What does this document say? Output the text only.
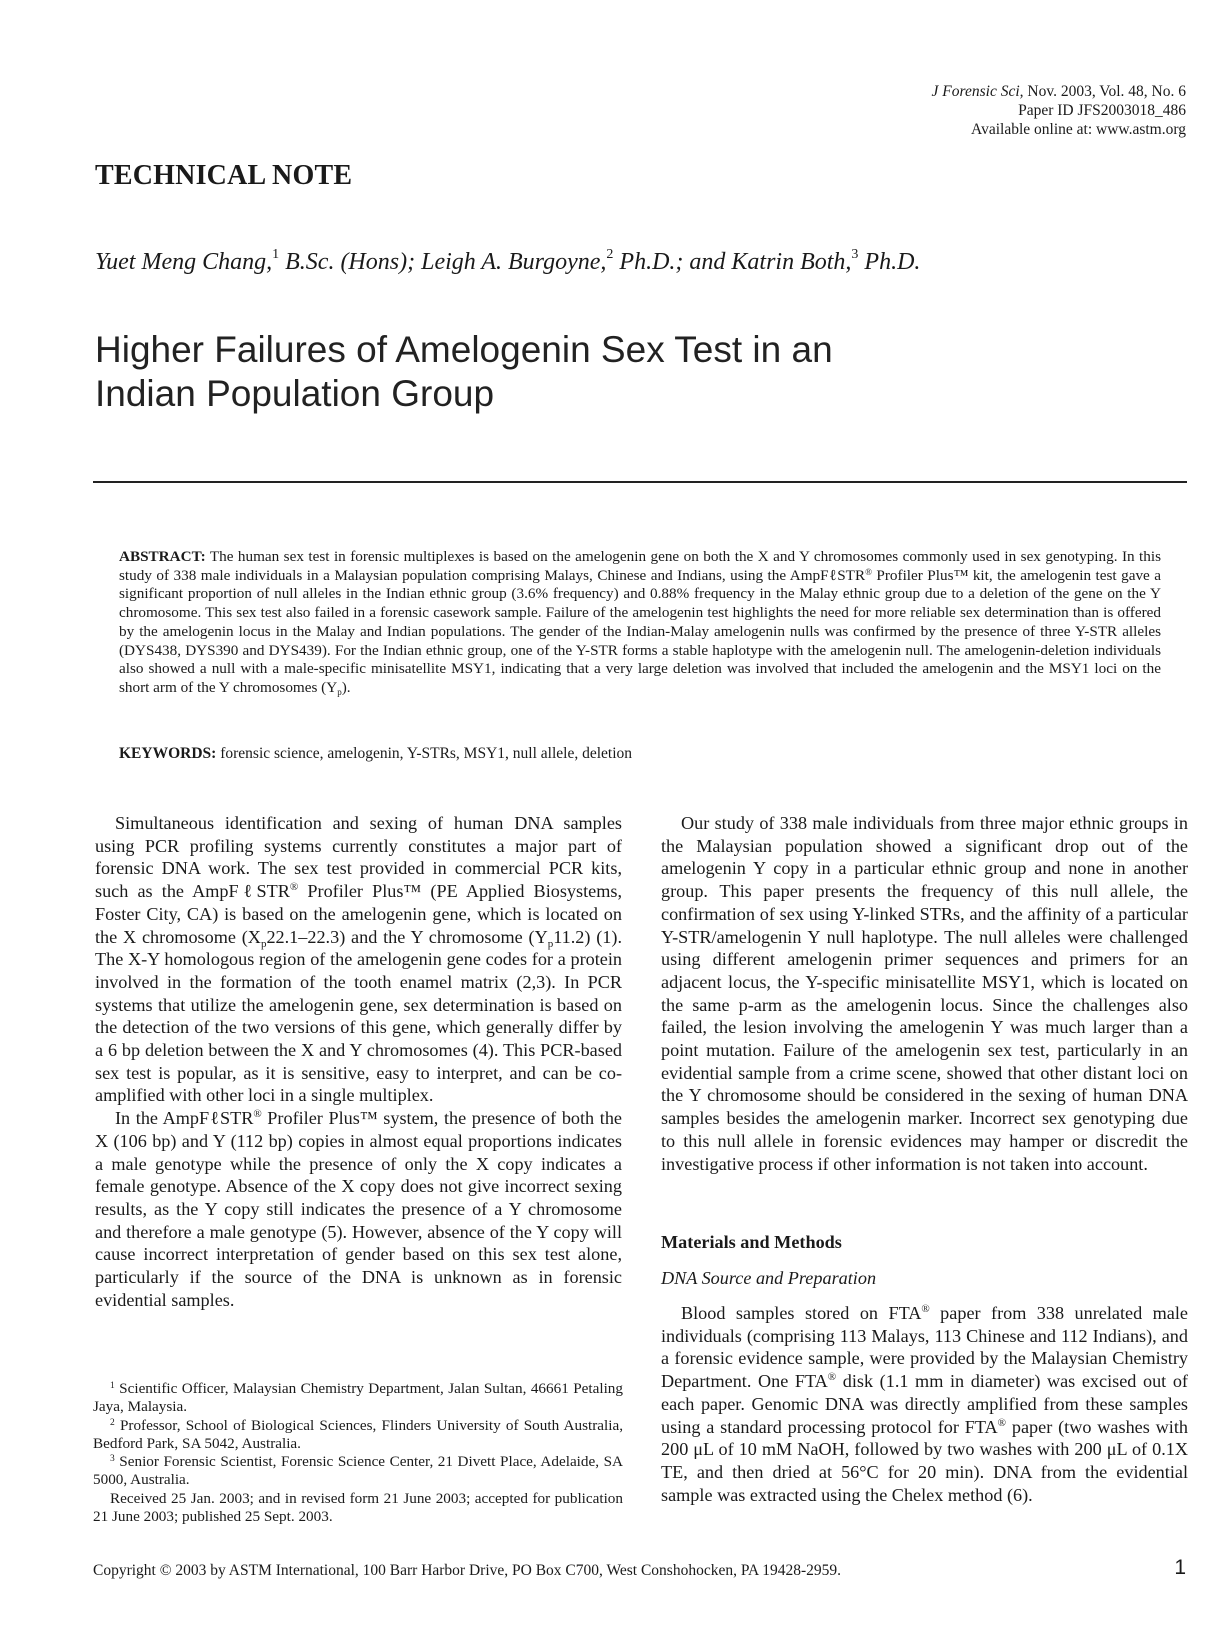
J Forensic Sci, Nov. 2003, Vol. 48, No. 6
Paper ID JFS2003018_486
Available online at: www.astm.org
TECHNICAL NOTE
Yuet Meng Chang,$^1$ B.Sc. (Hons); Leigh A. Burgoyne,$^2$ Ph.D.; and Katrin Both,$^3$ Ph.D.
Higher Failures of Amelogenin Sex Test in an
Indian Population Group
ABSTRACT: The human sex test in forensic multiplexes is based on the amelogenin gene on both the X and Y chromosomes commonly used in sex genotyping. In this study of 338 male individuals in a Malaysian population comprising Malays, Chinese and Indians, using the AmpFℓSTR® Profiler Plus™ kit, the amelogenin test gave a significant proportion of null alleles in the Indian ethnic group (3.6% frequency) and 0.88% frequency in the Malay ethnic group due to a deletion of the gene on the Y chromosome. This sex test also failed in a forensic casework sample. Failure of the amelogenin test highlights the need for more reliable sex determination than is offered by the amelogenin locus in the Malay and Indian populations. The gender of the Indian-Malay amelogenin nulls was confirmed by the presence of three Y-STR alleles (DYS438, DYS390 and DYS439). For the Indian ethnic group, one of the Y-STR forms a stable haplotype with the amelogenin null. The amelogenin-deletion individuals also showed a null with a male-specific minisatellite MSY1, indicating that a very large deletion was involved that included the amelogenin and the MSY1 loci on the short arm of the Y chromosomes $(Y_p)$.
KEYWORDS: forensic science, amelogenin, Y-STRs, MSY1, null allele, deletion

Simultaneous identification and sexing of human DNA samples using PCR profiling systems currently constitutes a major part of forensic DNA work. The sex test provided in commercial PCR kits, such as the AmpFℓSTR® Profiler Plus™ (PE Applied Biosystems, Foster City, CA) is based on the amelogenin gene, which is located on the X chromosome $(X_p22.1-22.3)$ and the Y chromosome $(Y_p11.2)$ (1). The X-Y homologous region of the amelogenin gene codes for a protein involved in the formation of the tooth enamel matrix (2,3). In PCR systems that utilize the amelogenin gene, sex determination is based on the detection of the two versions of this gene, which generally differ by a 6 bp deletion between the X and Y chromosomes (4). This PCR-based sex test is popular, as it is sensitive, easy to interpret, and can be co-amplified with other loci in a single multiplex.

In the AmpFℓSTR® Profiler Plus™ system, the presence of both the X (106 bp) and Y (112 bp) copies in almost equal proportions indicates a male genotype while the presence of only the X copy indicates a female genotype. Absence of the X copy does not give incorrect sexing results, as the Y copy still indicates the presence of a Y chromosome and therefore a male genotype (5). However, absence of the Y copy will cause incorrect interpretation of gender based on this sex test alone, particularly if the source of the DNA is unknown as in forensic evidential samples.

$^1$ Scientific Officer, Malaysian Chemistry Department, Jalan Sultan, 46661 Petaling Jaya, Malaysia.

$^2$ Professor, School of Biological Sciences, Flinders University of South Australia, Bedford Park, SA 5042, Australia.

$^3$ Senior Forensic Scientist, Forensic Science Center, 21 Divett Place, Adelaide, SA 5000, Australia.

Received 25 Jan. 2003; and in revised form 21 June 2003; accepted for publication 21 June 2003; published 25 Sept. 2003.

Our study of 338 male individuals from three major ethnic groups in the Malaysian population showed a significant drop out of the amelogenin Y copy in a particular ethnic group and none in another group. This paper presents the frequency of this null allele, the confirmation of sex using Y-linked STRs, and the affinity of a particular Y-STR/amelogenin Y null haplotype. The null alleles were challenged using different amelogenin primer sequences and primers for an adjacent locus, the Y-specific minisatellite MSY1, which is located on the same p-arm as the amelogenin locus. Since the challenges also failed, the lesion involving the amelogenin Y was much larger than a point mutation. Failure of the amelogenin sex test, particularly in an evidential sample from a crime scene, showed that other distant loci on the Y chromosome should be considered in the sexing of human DNA samples besides the amelogenin marker. Incorrect sex genotyping due to this null allele in forensic evidences may hamper or discredit the investigative process if other information is not taken into account.

Materials and Methods
DNA Source and Preparation

Blood samples stored on FTA® paper from 338 unrelated male individuals (comprising 113 Malays, 113 Chinese and 112 Indians), and a forensic evidence sample, were provided by the Malaysian Chemistry Department. One FTA® disk (1.1 mm in diameter) was excised out of each paper. Genomic DNA was directly amplified from these samples using a standard processing protocol for FTA® paper (two washes with 200 μL of 10 mM NaOH, followed by two washes with 200 μL of 0.1X TE, and then dried at 56°C for 20 min). DNA from the evidential sample was extracted using the Chelex method (6).

Copyright © 2003 by ASTM International, 100 Barr Harbor Drive, PO Box C700, West Conshohocken, PA 19428-2959.	1
